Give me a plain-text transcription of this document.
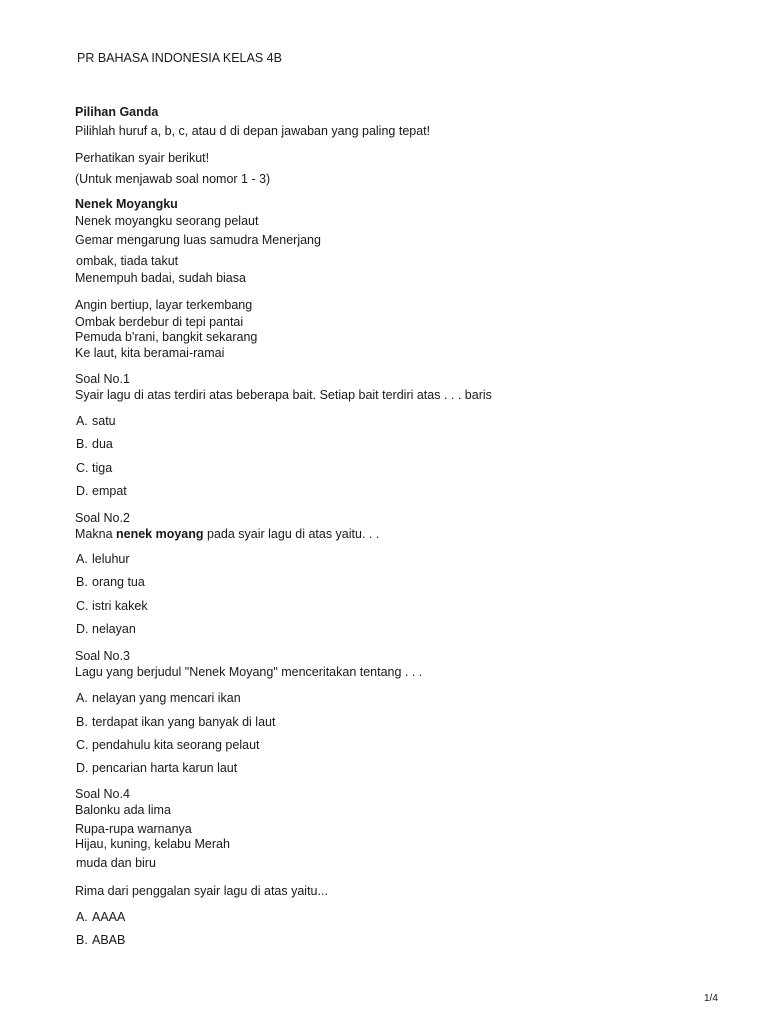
PR BAHASA INDONESIA KELAS 4B

Pilihan Ganda

Pilihlah huruf a, b, c, atau d di depan jawaban yang paling tepat!

Perhatikan syair berikut!

(Untuk menjawab soal nomor 1 - 3)

Nenek Moyangku

Nenek moyangku seorang pelaut

Gemar mengarung luas samudra Menerjang

ombak, tiada takut

Menempuh badai, sudah biasa

Angin bertiup, layar terkembang

Ombak berdebur di tepi pantai

Pemuda b'rani, bangkit sekarang

Ke laut, kita beramai-ramai

Soal No.1

Syair lagu di atas terdiri atas beberapa bait. Setiap bait terdiri atas . . . baris

A. satu

B. dua

C. tiga

D. empat

Soal No.2

Makna nenek moyang pada syair lagu di atas yaitu. . .

A. leluhur

B. orang tua

C. istri kakek

D. nelayan

Soal No.3

Lagu yang berjudul "Nenek Moyang" menceritakan tentang . . .

A. nelayan yang mencari ikan

B. terdapat ikan yang banyak di laut

C. pendahulu kita seorang pelaut

D. pencarian harta karun laut

Soal No.4

Balonku ada lima

Rupa-rupa warnanya

Hijau, kuning, kelabu Merah

muda dan biru

Rima dari penggalan syair lagu di atas yaitu...

A. AAAA

B. ABAB

1/4
